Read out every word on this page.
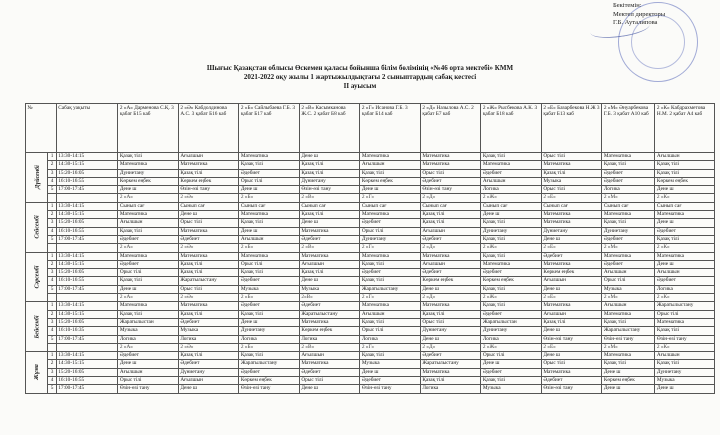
Бекітемін:
Мектеп директоры
Г.Б. Ауталипова
Шығыс Қазақстан облысы Өскемен қаласы бойынша білім бөлімінің «№46 орта мектебі» КММ
2021-2022 оқу жылы 1 жартыжылдықтағы 2 сыныптардың сабақ кестесі
ІІ ауысым
№		Сабақ уақыты	2 «А» Дарменова С.Қ. 3 қабат Б15 каб	2 «Ә» Кабдолдинова А.С. 3 қабат Б16 каб	2 «Б» Сайлыбаева Г.Б. 3 қабат Б17 каб	2 «В» Касымканова Ж.С. 2 қабат Б8 каб	2 «Г» Исанова Г.Б. 3 қабат Б14 каб	2 «Д» Назылова А.С. 2 қабат Б7 каб	2 «Ж» Рысбекова А.К. 3 қабат Б18 каб	2 «Е» Базарбекова Н.Ж 3 қабат Б13 каб	2 «М» Әнуарбекова Г.Б. 3 қабат А10 каб	2 «К» Кабдрахметова Н.М. 2 қабат А4 каб
Дүйсенбі	1	13:30-14:15	Қазақ тілі	Ағылшын	Математика	Дене ш	Математика	Математика	Қазақ тілі	Орыс тілі	Математика	Ағылшын
	2	14:30-15:15	Математика	Математика	Қазақ тілі	Қазақ тілі	Ағылшын	Математика	Математика	Математика	Қазақ тілі	Қазақ тілі
	3	15:20-16:05	Дүниетану	Қазақ тілі	Әдебиет	Қазақ тілі	Қазақ тілі	Орыс тілі	Әдебиет	Қазақ тілі	Әдебиет	Қазақ тілі
	4	16:10-16:55	Көркем еңбек	Көркем еңбек	Орыс тілі	Дүниетану	Көркем еңбек	Әдебиет	Ағылшын	Музыка	Әдебиет	Көркем еңбек
	5	17:00-17:45	Дене ш	Өзін-өзі тану	Дене ш	Өзін-өзі тану	Дене ш	Өзін-өзі тану	Логика	Орыс тілі	Логика	Дене ш
			2 «А»	2 «Ә»	2 «Б»	2 «В»	2 «Г»	2 «Д»	2 «Ж»	2 «Е»	2 «М»	2 «К»
Сейсенбі	1	13:30-14:15	Сынып сағ	Сынып сағ	Сынып сағ	Сынып сағ	Сынып сағ	Сынып сағ	Сынып сағ	Сынып сағ	Сынып сағ	Сынып сағ
	2	14:30-15:15	Математика	Дене ш	Математика	Қазақ тілі	Математика	Қазақ тілі	Дене ш	Математика	Математика	Математика
	3	15:20-16:05	Ағылшын	Орыс тілі	Қазақ тілі	Дене ш	Әдебиет	Қазақ тілі	Қазақ тілі	Математика	Қазақ тілі	Дене ш
	4	16:10-16:55	Қазақ тілі	Математика	Дене ш	Математика	Орыс тілі	Ағылшын	Дүниетану	Дүниетану	Дүниетану	Әдебиет
	5	17:00-17:45	Әдебиет	Әдебиет	Ағылшын	Әдебиет	Дүниетану	Әдебиет	Қазақ тілі	Дене ш	Әдебиет	Қазақ тілі
			2 «А»	2 «Ә»	2 «Б»	2 «В»	2 «Г»	2 «Д»	2 «Ж»	2 «Е»	2 «М»	2 «К»
Сәрсенбі	1	13:30-14:15	Математика	Математика	Математика	Математика	Математика	Математика	Қазақ тілі	Әдебиет	Математика	Математика
	2	14:30-15:15	Әдебиет	Қазақ тілі	Орыс тілі	Ағылшын	Қазақ тілі	Ағылшын	Математика	Математика	Әдебиет	Дене ш
	3	15:20-16:05	Орыс тілі	Қазақ тілі	Қазақ тілі	Қазақ тілі	Әдебиет	Әдебиет	Әдебиет	Көркем еңбек	Ағылшын	Ағылшын
	4	16:10-16:55	Қазақ тілі	Жаратылыстану	Әдебиет	Дене ш	Қазақ тілі	Көркем еңбек	Көркем еңбек	Ағылшын	Орыс тілі	Әдебиет
	5	17:00-17:45	Дене ш	Орыс тілі	Музыка	Музыка	Жаратылыстану	Дене ш	Қазақ тілі	Дене ш	Музыка	Логика
			2 «А»	2 «Ә»	2 «Б»	2«В»	2 «Г»	2 «Д»	2 «Ж»	2 «Е»	2 «М»	2 «К»
Бейсенбі	1	13:30-14:15	Математика	Математика	Әдебиет	Әдебиет	Математика	Математика	Қазақ тілі	Математика	Ағылшын	Жаратылыстану
	2	14:30-15:15	Қазақ тілі	Қазақ тілі	Қазақ тілі	Жаратылыстану	Ағылшын	Қазақ тілі	Әдебиет	Ағылшын	Математика	Орыс тілі
	3	15:20-16:05	Жаратылыстан	Әдебиет	Дене ш	Математика	Қазақ тілі	Орыс тілі	Жаратылыстан	Қазақ тілі	Қазақ тілі	Математика
	4	16:10-16:35	Музыка	Музыка	Дүниетану	Көркем еңбек	Орыс тілі	Дүниетану	Дүниетану	Дене ш	Жаратылыстану	Қазақ тілі
	5	17:00-17:45	Логика	Логика	Логика	Логика	Логика	Дене ш	Логика	Өзін-өзі тану	Өзін-өзі тану	Өзін-өзі тану
			2 «А»	2 «Ә»	2 «Б»	2 «В»	2 «Г»	2 «Д»	2 «Ж»	2 «Е»	2 «М»	2 «К»
Жұма	1	13:30-14:15	Әдебиет	Қазақ тілі	Қазақ тілі	Ағылшын	Қазақ тілі	Әдебиет	Орыс тілі	Дене ш	Математика	Ағылшын
	2	14:30-15:15	Дене ш	Әдебиет	Жаратылыстану	Математика	Музыка	Жаратылыстану	Дене ш	Орыс тілі	Қазақ тілі	Қазақ тілі
	3	15:20-16:05	Ағылшын	Дүниетану	Әдебиет	Әдебиет	Дене ш	Математика	Әдебиет	Математика	Дене ш	Дүниетану
	4	16:10-16:55	Орыс тілі	Ағылшын	Көркем еңбек	Орыс тілі	Әдебиет	Қазақ тілі	Қазақ тілі	Әдебиет	Көркем еңбек	Музыка
	5	17:00-17:45	Өзін-өзі тану	Дене ш	Өзін-өзі тану	Дене ш	Өзін-өзі тану	Логика	Музыка	Өзін-өзі тану	Дене ш	Дене ш
